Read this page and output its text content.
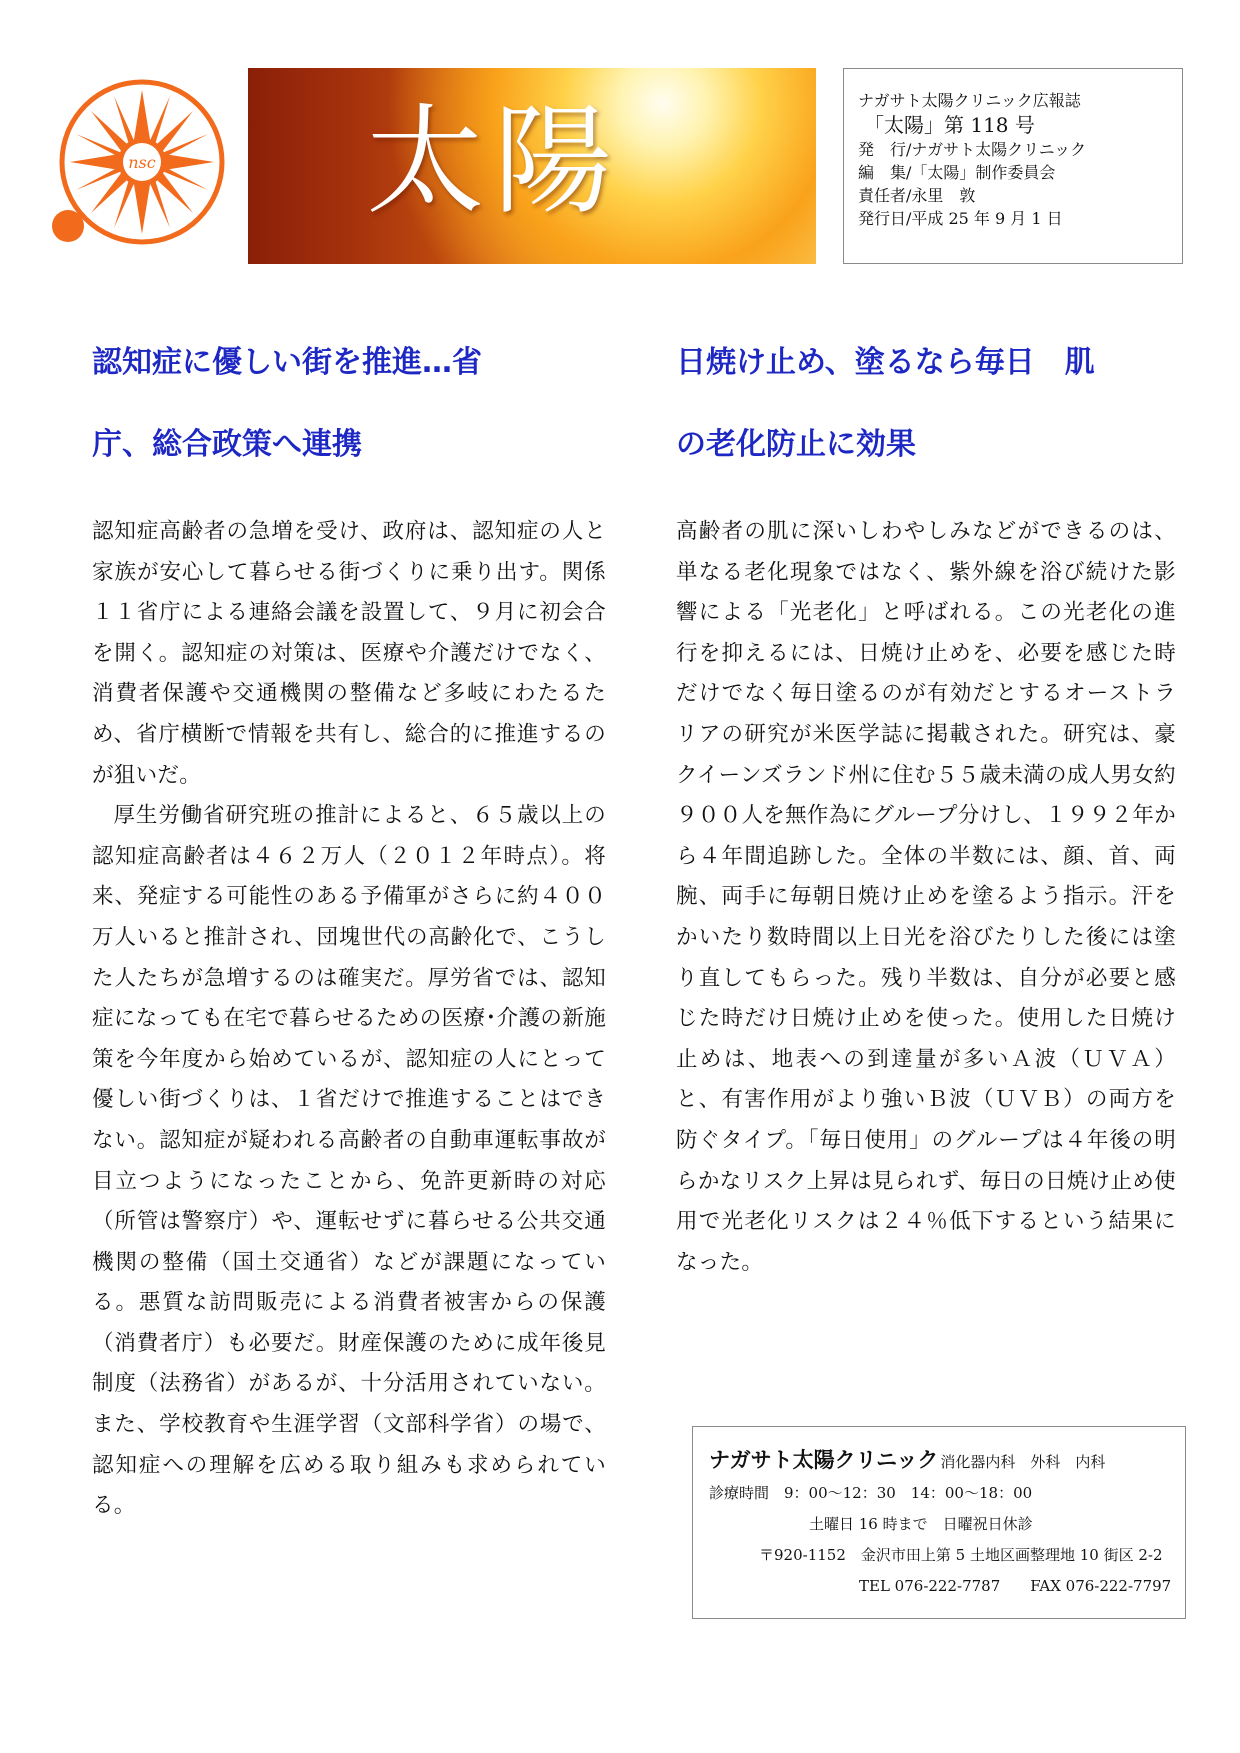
nsc 太陽	ナガサト太陽クリニック広報誌
「太陽」第 118 号
発　行/ナガサト太陽クリニック
編　集/「太陽」制作委員会
責任者/永里　敦
発行日/平成 25 年 9 月 1 日
認知症に優しい街を推進…省
庁、総合政策へ連携

認知症高齢者の急増を受け、政府は、認知症の人と家族が安心して暮らせる街づくりに乗り出す。関係１１省庁による連絡会議を設置して、９月に初会合を開く。認知症の対策は、医療や介護だけでなく、消費者保護や交通機関の整備など多岐にわたるため、省庁横断で情報を共有し、総合的に推進するのが狙いだ。

厚生労働省研究班の推計によると、６５歳以上の認知症高齢者は４６２万人（２０１２年時点）。将来、発症する可能性のある予備軍がさらに約４００万人いると推計され、団塊世代の高齢化で、こうした人たちが急増するのは確実だ。厚労省では、認知症になっても在宅で暮らせるための医療･介護の新施策を今年度から始めているが、認知症の人にとって優しい街づくりは、１省だけで推進することはできない。認知症が疑われる高齢者の自動車運転事故が目立つようになったことから、免許更新時の対応（所管は警察庁）や、運転せずに暮らせる公共交通機関の整備（国土交通省）などが課題になっている。悪質な訪問販売による消費者被害からの保護（消費者庁）も必要だ。財産保護のために成年後見制度（法務省）があるが、十分活用されていない。また、学校教育や生涯学習（文部科学省）の場で、認知症への理解を広める取り組みも求められている。

日焼け止め、塗るなら毎日　肌
の老化防止に効果

高齢者の肌に深いしわやしみなどができるのは、単なる老化現象ではなく、紫外線を浴び続けた影響による「光老化」と呼ばれる。この光老化の進行を抑えるには、日焼け止めを、必要を感じた時だけでなく毎日塗るのが有効だとするオーストラリアの研究が米医学誌に掲載された。研究は、豪クイーンズランド州に住む５５歳未満の成人男女約９００人を無作為にグループ分けし、１９９２年から４年間追跡した。全体の半数には、顔、首、両腕、両手に毎朝日焼け止めを塗るよう指示。汗をかいたり数時間以上日光を浴びたりした後には塗り直してもらった。残り半数は、自分が必要と感じた時だけ日焼け止めを使った。使用した日焼け止めは、地表への到達量が多いＡ波（ＵＶＡ）と、有害作用がより強いＢ波（ＵＶＢ）の両方を防ぐタイプ。「毎日使用」のグループは４年後の明らかなリスク上昇は見られず、毎日の日焼け止め使用で光老化リスクは２４％低下するという結果になった。

ナガサト太陽クリニック 消化器内科　外科　内科
診療時間　9：00～12：30　14：00～18：00
土曜日 16 時まで　日曜祝日休診
〒920-1152　金沢市田上第 5 土地区画整理地 10 街区 2-2
TEL 076-222-7787 FAX 076-222-7797
